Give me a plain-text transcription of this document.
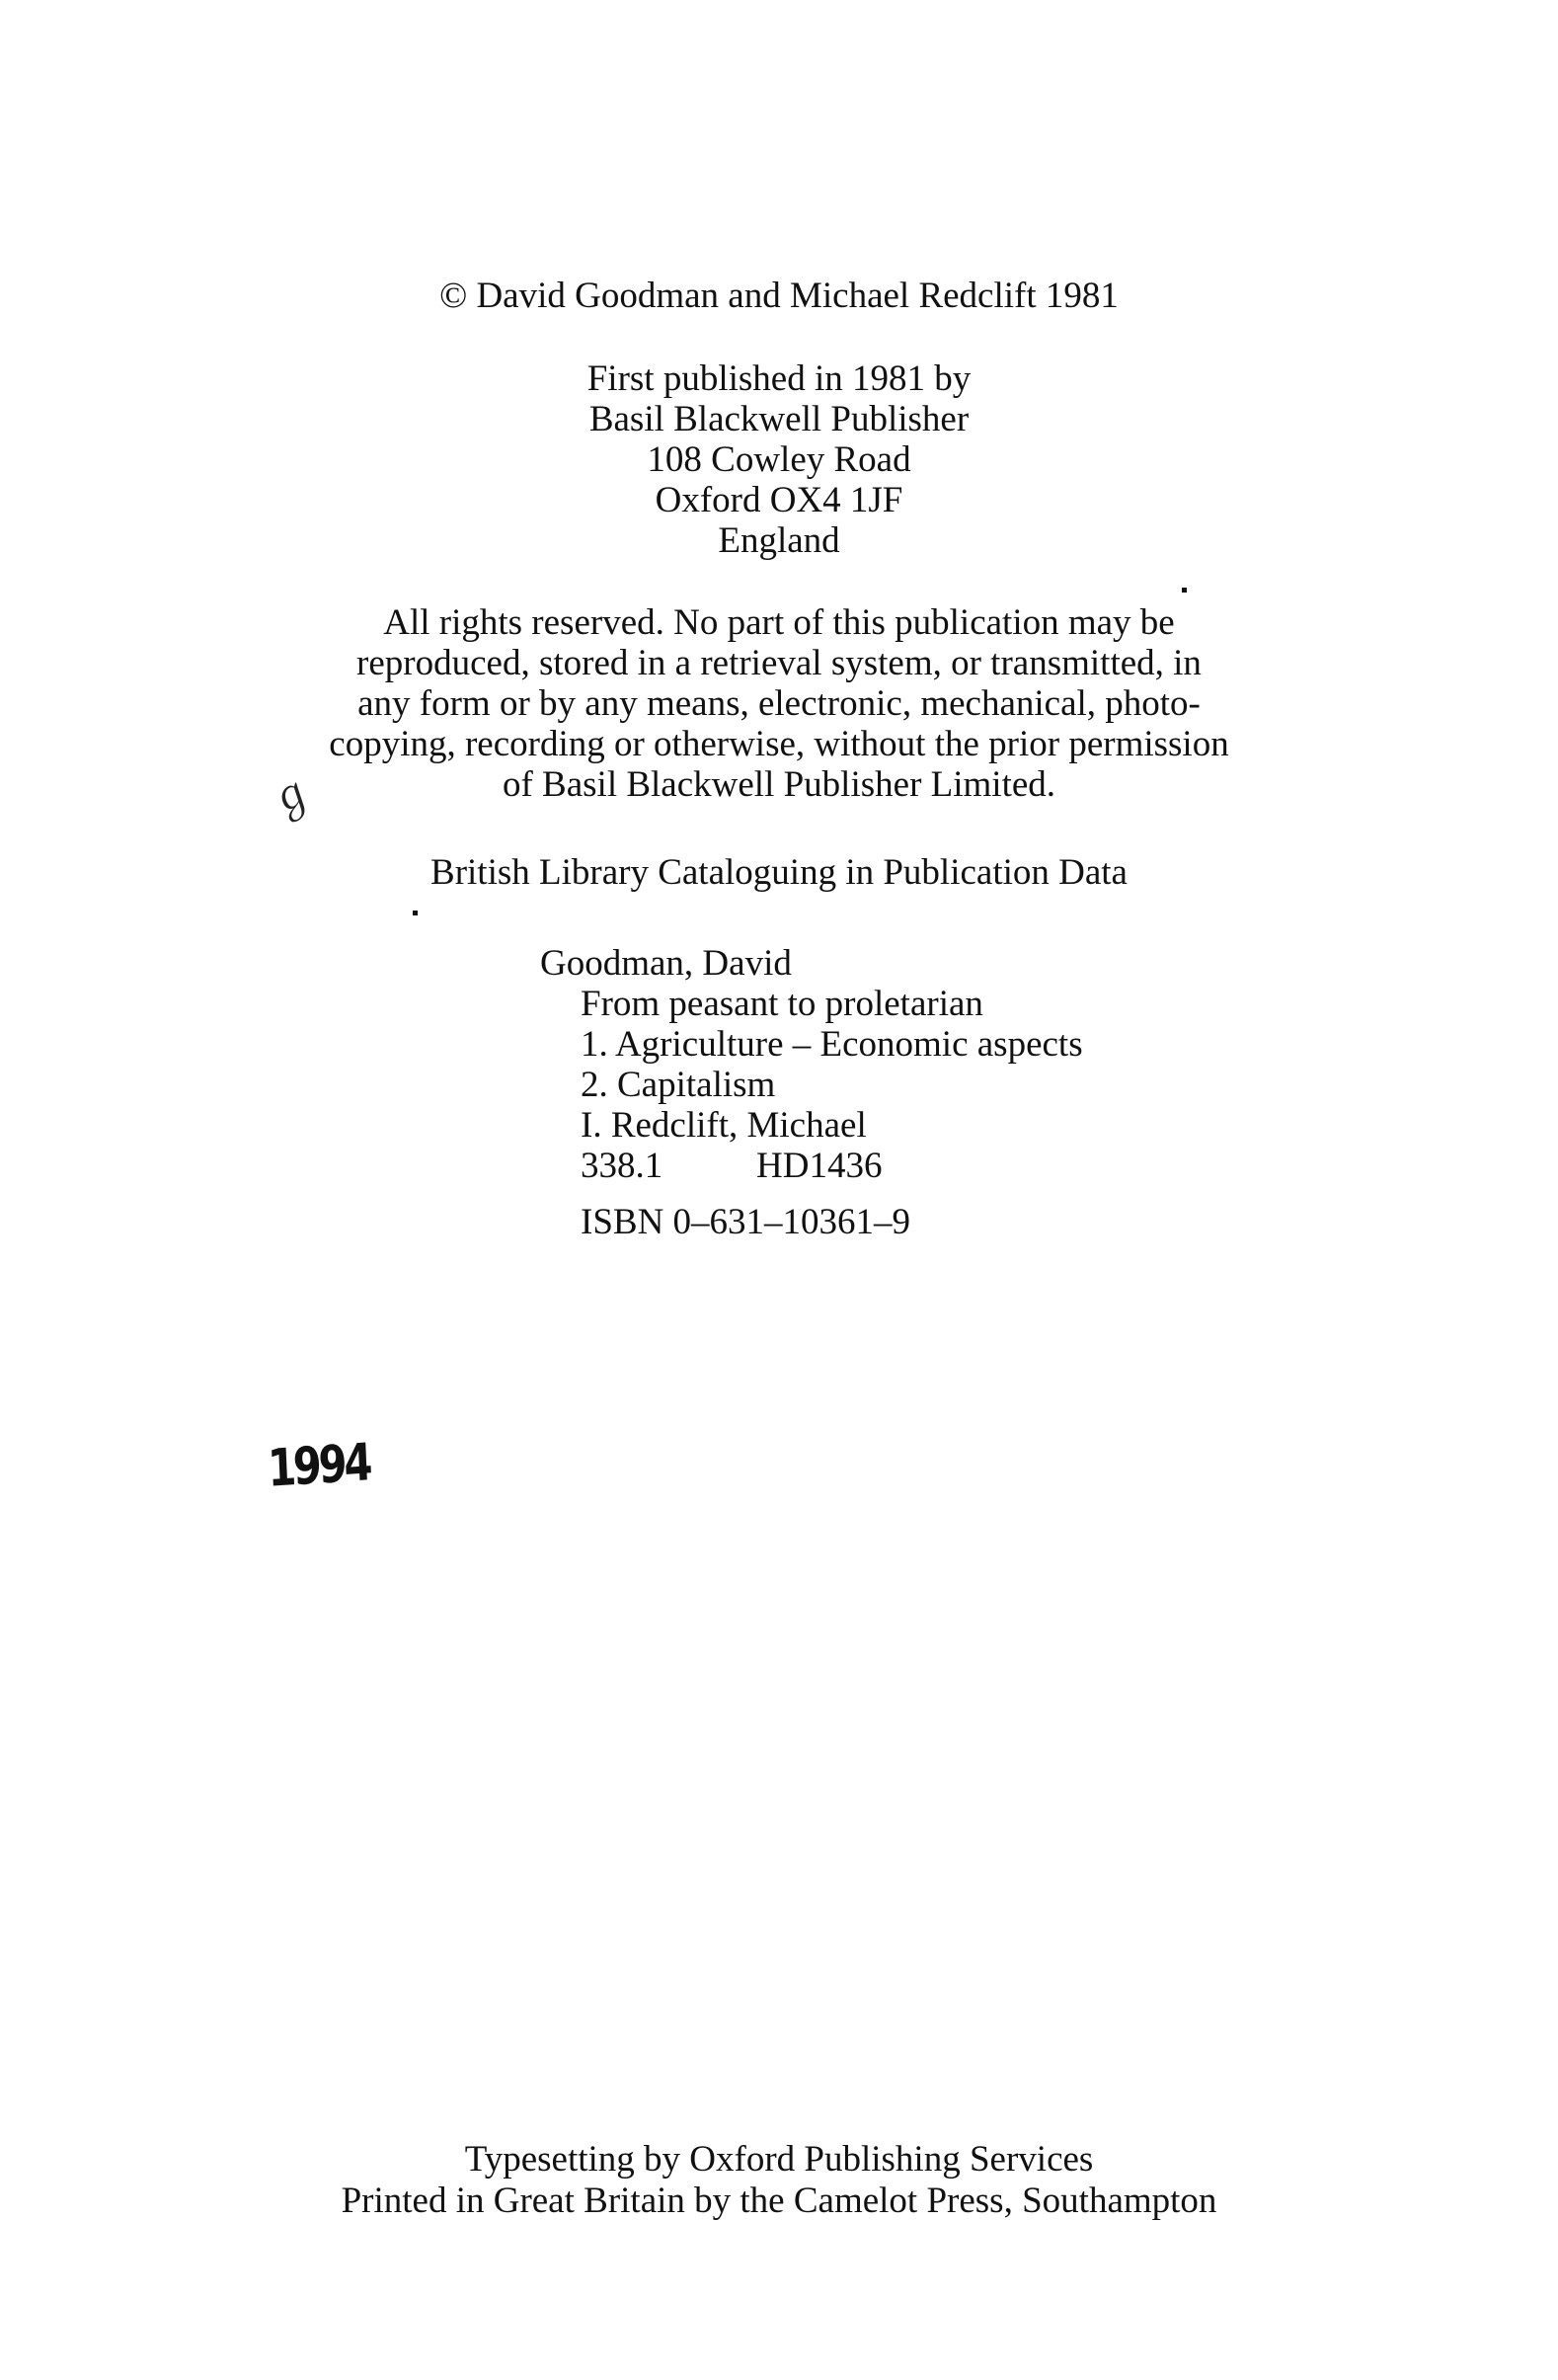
© David Goodman and Michael Redclift 1981
First published in 1981 by
Basil Blackwell Publisher
108 Cowley Road
Oxford OX4 1JF
England
All rights reserved. No part of this publication may be
reproduced, stored in a retrieval system, or transmitted, in
any form or by any means, electronic, mechanical, photo-
copying, recording or otherwise, without the prior permission
of Basil Blackwell Publisher Limited.
ℊ
British Library Cataloguing in Publication Data
Goodman, David
From peasant to proletarian
1. Agriculture – Economic aspects
2. Capitalism
I. Redclift, Michael
338.1	HD1436
ISBN 0–631–10361–9
1994
Typesetting by Oxford Publishing Services
Printed in Great Britain by the Camelot Press, Southampton
